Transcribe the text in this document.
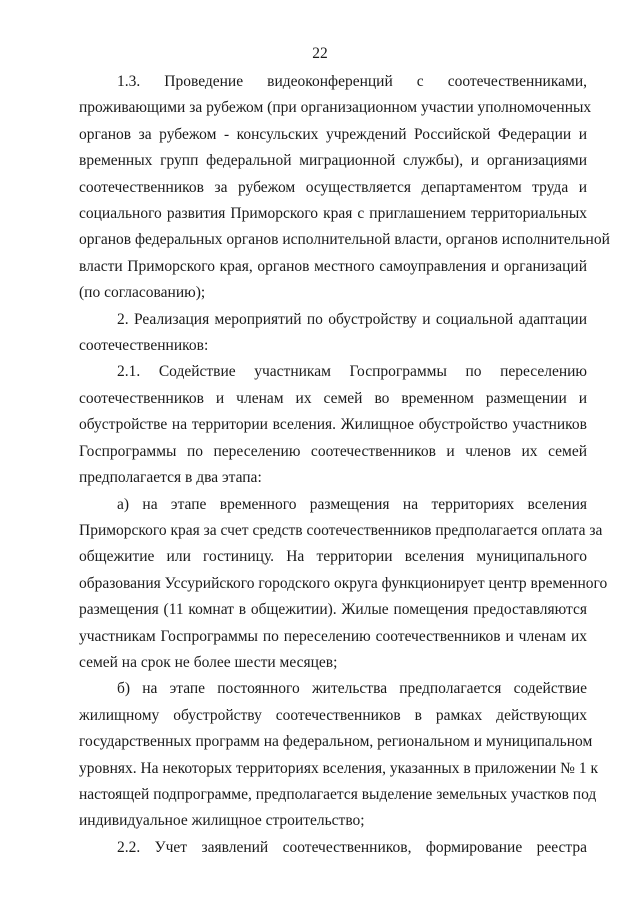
22

1.3. Проведение видеоконференций с соотечественниками,
проживающими за рубежом (при организационном участии уполномоченных
органов за рубежом - консульских учреждений Российской Федерации и
временных групп федеральной миграционной службы), и организациями
соотечественников за рубежом осуществляется департаментом труда и
социального развития Приморского края с приглашением территориальных
органов федеральных органов исполнительной власти, органов исполнительной
власти Приморского края, органов местного самоуправления и организаций
(по согласованию);

2. Реализация мероприятий по обустройству и социальной адаптации
соотечественников:

2.1. Содействие участникам Госпрограммы по переселению
соотечественников и членам их семей во временном размещении и
обустройстве на территории вселения. Жилищное обустройство участников
Госпрограммы по переселению соотечественников и членов их семей
предполагается в два этапа:

а) на этапе временного размещения на территориях вселения
Приморского края за счет средств соотечественников предполагается оплата за
общежитие или гостиницу. На территории вселения муниципального
образования Уссурийского городского округа функционирует центр временного
размещения (11 комнат в общежитии). Жилые помещения предоставляются
участникам Госпрограммы по переселению соотечественников и членам их
семей на срок не более шести месяцев;

б) на этапе постоянного жительства предполагается содействие
жилищному обустройству соотечественников в рамках действующих
государственных программ на федеральном, региональном и муниципальном
уровнях. На некоторых территориях вселения, указанных в приложении № 1 к
настоящей подпрограмме, предполагается выделение земельных участков под
индивидуальное жилищное строительство;

2.2. Учет заявлений соотечественников, формирование реестра
